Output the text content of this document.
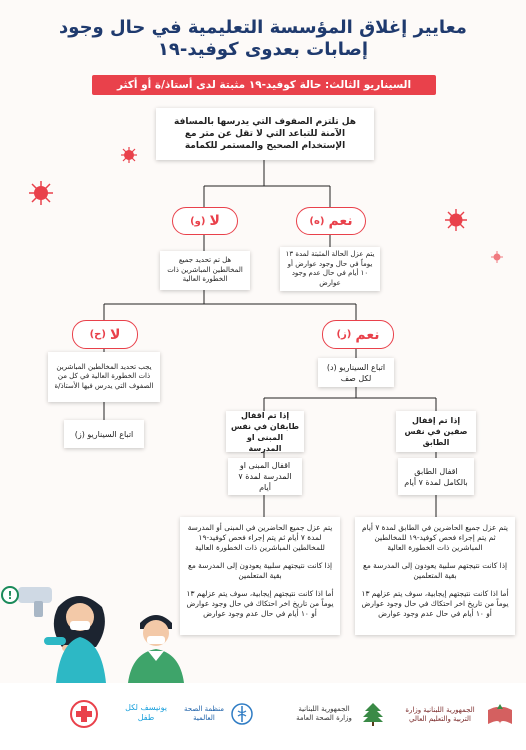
معايير إغلاق المؤسسة التعليمية في حال وجود
إصابات بعدوى كوفيد-١٩
السيناريو الثالث: حالة كوفيد-١٩ مثبتة لدى أستاذ/ة أو أكثر
هل تلتزم الصفوف التي يدرسها بالمسافة الآمنة للتباعد التي لا تقل عن متر مع الإستخدام الصحيح والمستمر للكمامة
نعم
(ه)
لا
(و)
يتم عزل الحالة المثبتة لمدة ١٣ يوماً في حال وجود عوارض أو ١٠ أيام في حال عدم وجود عوارض
هل تم تحديد جميع المخالطين المباشرين ذات الخطورة العالية
نعم
(ز)
لا
(ح)
اتباع السيناريو (د) لكل صف
يجب تحديد المخالطين المباشرين ذات الخطورة العالية في كل من الصفوف التي يدرس فيها الأستاذ/ة
اتباع السيناريو (ز)
إذا تم اقفال طابقان في نفس المبنى او المدرسة
إذا تم إقفال صفين في نفس الطابق
اقفال المبنى او المدرسة لمدة ٧ أيام
اقفال الطابق بالكامل لمدة ٧ أيام

يتم عزل جميع الحاضرين في المبنى أو المدرسة لمدة ٧ أيام ثم يتم إجراء فحص كوفيد-١٩ للمخالطين المباشرين ذات الخطورة العالية

إذا كانت نتيجتهم سلبية يعودون إلى المدرسة مع بقية المتعلمين

أما اذا كانت نتيجتهم إيجابية، سوف يتم عزلهم ١٣ يوماً من تاريخ اخر احتكاك في حال وجود عوارض أو ١٠ أيام في حال عدم وجود عوارض

يتم عزل جميع الحاضرين في الطابق لمدة ٧ أيام ثم يتم إجراء فحص كوفيد-١٩ للمخالطين المباشرين ذات الخطورة العالية

إذا كانت نتيجتهم سلبية يعودون إلى المدرسة مع بقية المتعلمين

أما اذا كانت نتيجتهم إيجابية، سوف يتم عزلهم ١٣ يوماً من تاريخ اخر احتكاك في حال وجود عوارض أو ١٠ أيام في حال عدم وجود عوارض

!
يونيسف لكل طفل
منظمة الصحة العالمية
الجمهورية اللبنانية وزارة الصحة العامة
الجمهورية اللبنانية وزارة التربية والتعليم العالي
